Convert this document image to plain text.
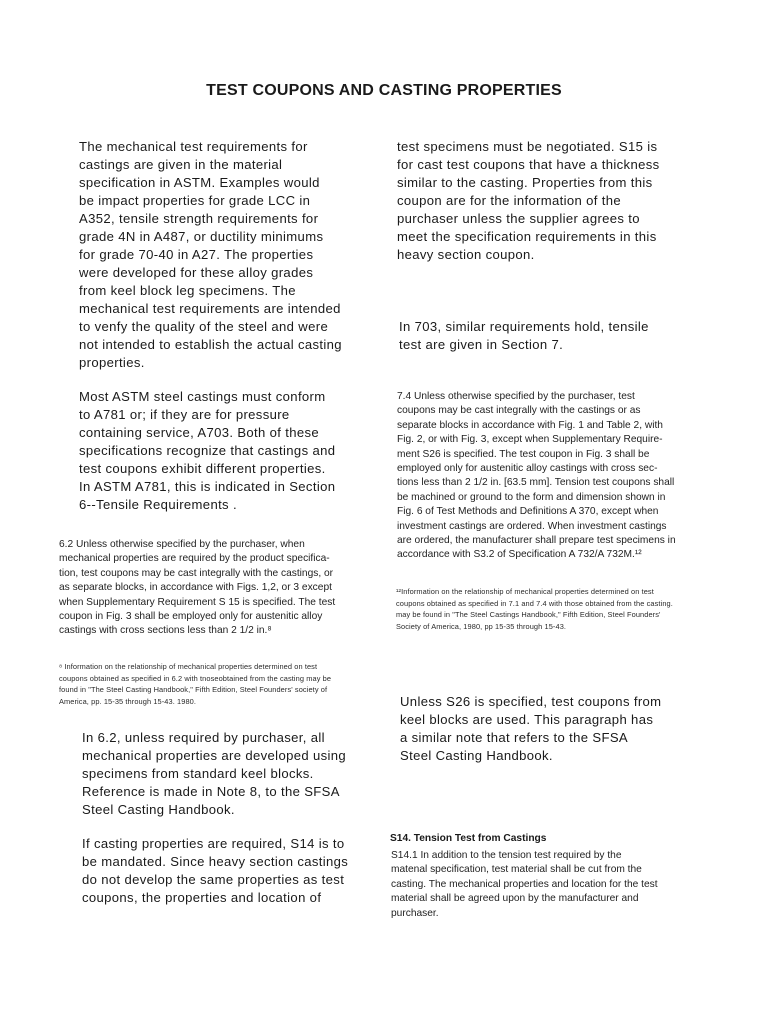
TEST COUPONS AND CASTING PROPERTIES

The mechanical test requirements for
castings are given in the material
specification in ASTM. Examples would
be impact properties for grade LCC in
A352, tensile strength requirements for
grade 4N in A487, or ductility minimums
for grade 70-40 in A27. The properties
were developed for these alloy grades
from keel block leg specimens. The
mechanical test requirements are intended
to venfy the quality of the steel and were
not intended to establish the actual casting
properties.

Most ASTM steel castings must conform
to A781 or; if they are for pressure
containing service, A703. Both of these
specifications recognize that castings and
test coupons exhibit different properties.
In ASTM A781, this is indicated in Section
6--Tensile Requirements .

6.2 Unless otherwise specified by the purchaser, when
mechanical properties are required by the product specifica-
tion, test coupons may be cast integrally with the castings, or
as separate blocks, in accordance with Figs. 1,2, or 3 except
when Supplementary Requirement S 15 is specified. The test
coupon in Fig. 3 shall be employed only for austenitic alloy
castings with cross sections less than 2 1/2 in.⁸

⁸ Information on the relationship of mechanical properties determined on test
coupons obtained as specified in 6.2 with tnoseobtained from the casting may be
found in "The Steel Casting Handbook," Fifth Edition, Steel Founders' society of
America, pp. 15-35 through 15-43. 1980.

In 6.2, unless required by purchaser, all
mechanical properties are developed using
specimens from standard keel blocks.
Reference is made in Note 8, to the SFSA
Steel Casting Handbook.

If casting properties are required, S14 is to
be mandated. Since heavy section castings
do not develop the same properties as test
coupons, the properties and location of

test specimens must be negotiated. S15 is
for cast test coupons that have a thickness
similar to the casting. Properties from this
coupon are for the information of the
purchaser unless the supplier agrees to
meet the specification requirements in this
heavy section coupon.

In 703, similar requirements hold, tensile
test are given in Section 7.

7.4 Unless otherwise specified by the purchaser, test
coupons may be cast integrally with the castings or as
separate blocks in accordance with Fig. 1 and Table 2, with
Fig. 2, or with Fig. 3, except when Supplementary Require-
ment S26 is specified. The test coupon in Fig. 3 shall be
employed only for austenitic alloy castings with cross sec-
tions less than 2 1/2 in. [63.5 mm]. Tension test coupons shall
be machined or ground to the form and dimension shown in
Fig. 6 of Test Methods and Definitions A 370, except when
investment castings are ordered. When investment castings
are ordered, the manufacturer shall prepare test specimens in
accordance with S3.2 of Specification A 732/A 732M.¹²

¹²Information on the relationship of mechanical properties determined on test
coupons obtained as specified in 7.1 and 7.4 with those obtained from the casting.
may be found in "The Steel Castings Handbook," Fifth Edition, Steel Founders'
Society of America, 1980, pp 15-35 through 15-43.

Unless S26 is specified, test coupons from
keel blocks are used. This paragraph has
a similar note that refers to the SFSA
Steel Casting Handbook.

S14. Tension Test from Castings

S14.1 In addition to the tension test required by the
matenal specification, test material shall be cut from the
casting. The mechanical properties and location for the test
material shall be agreed upon by the manufacturer and
purchaser.
